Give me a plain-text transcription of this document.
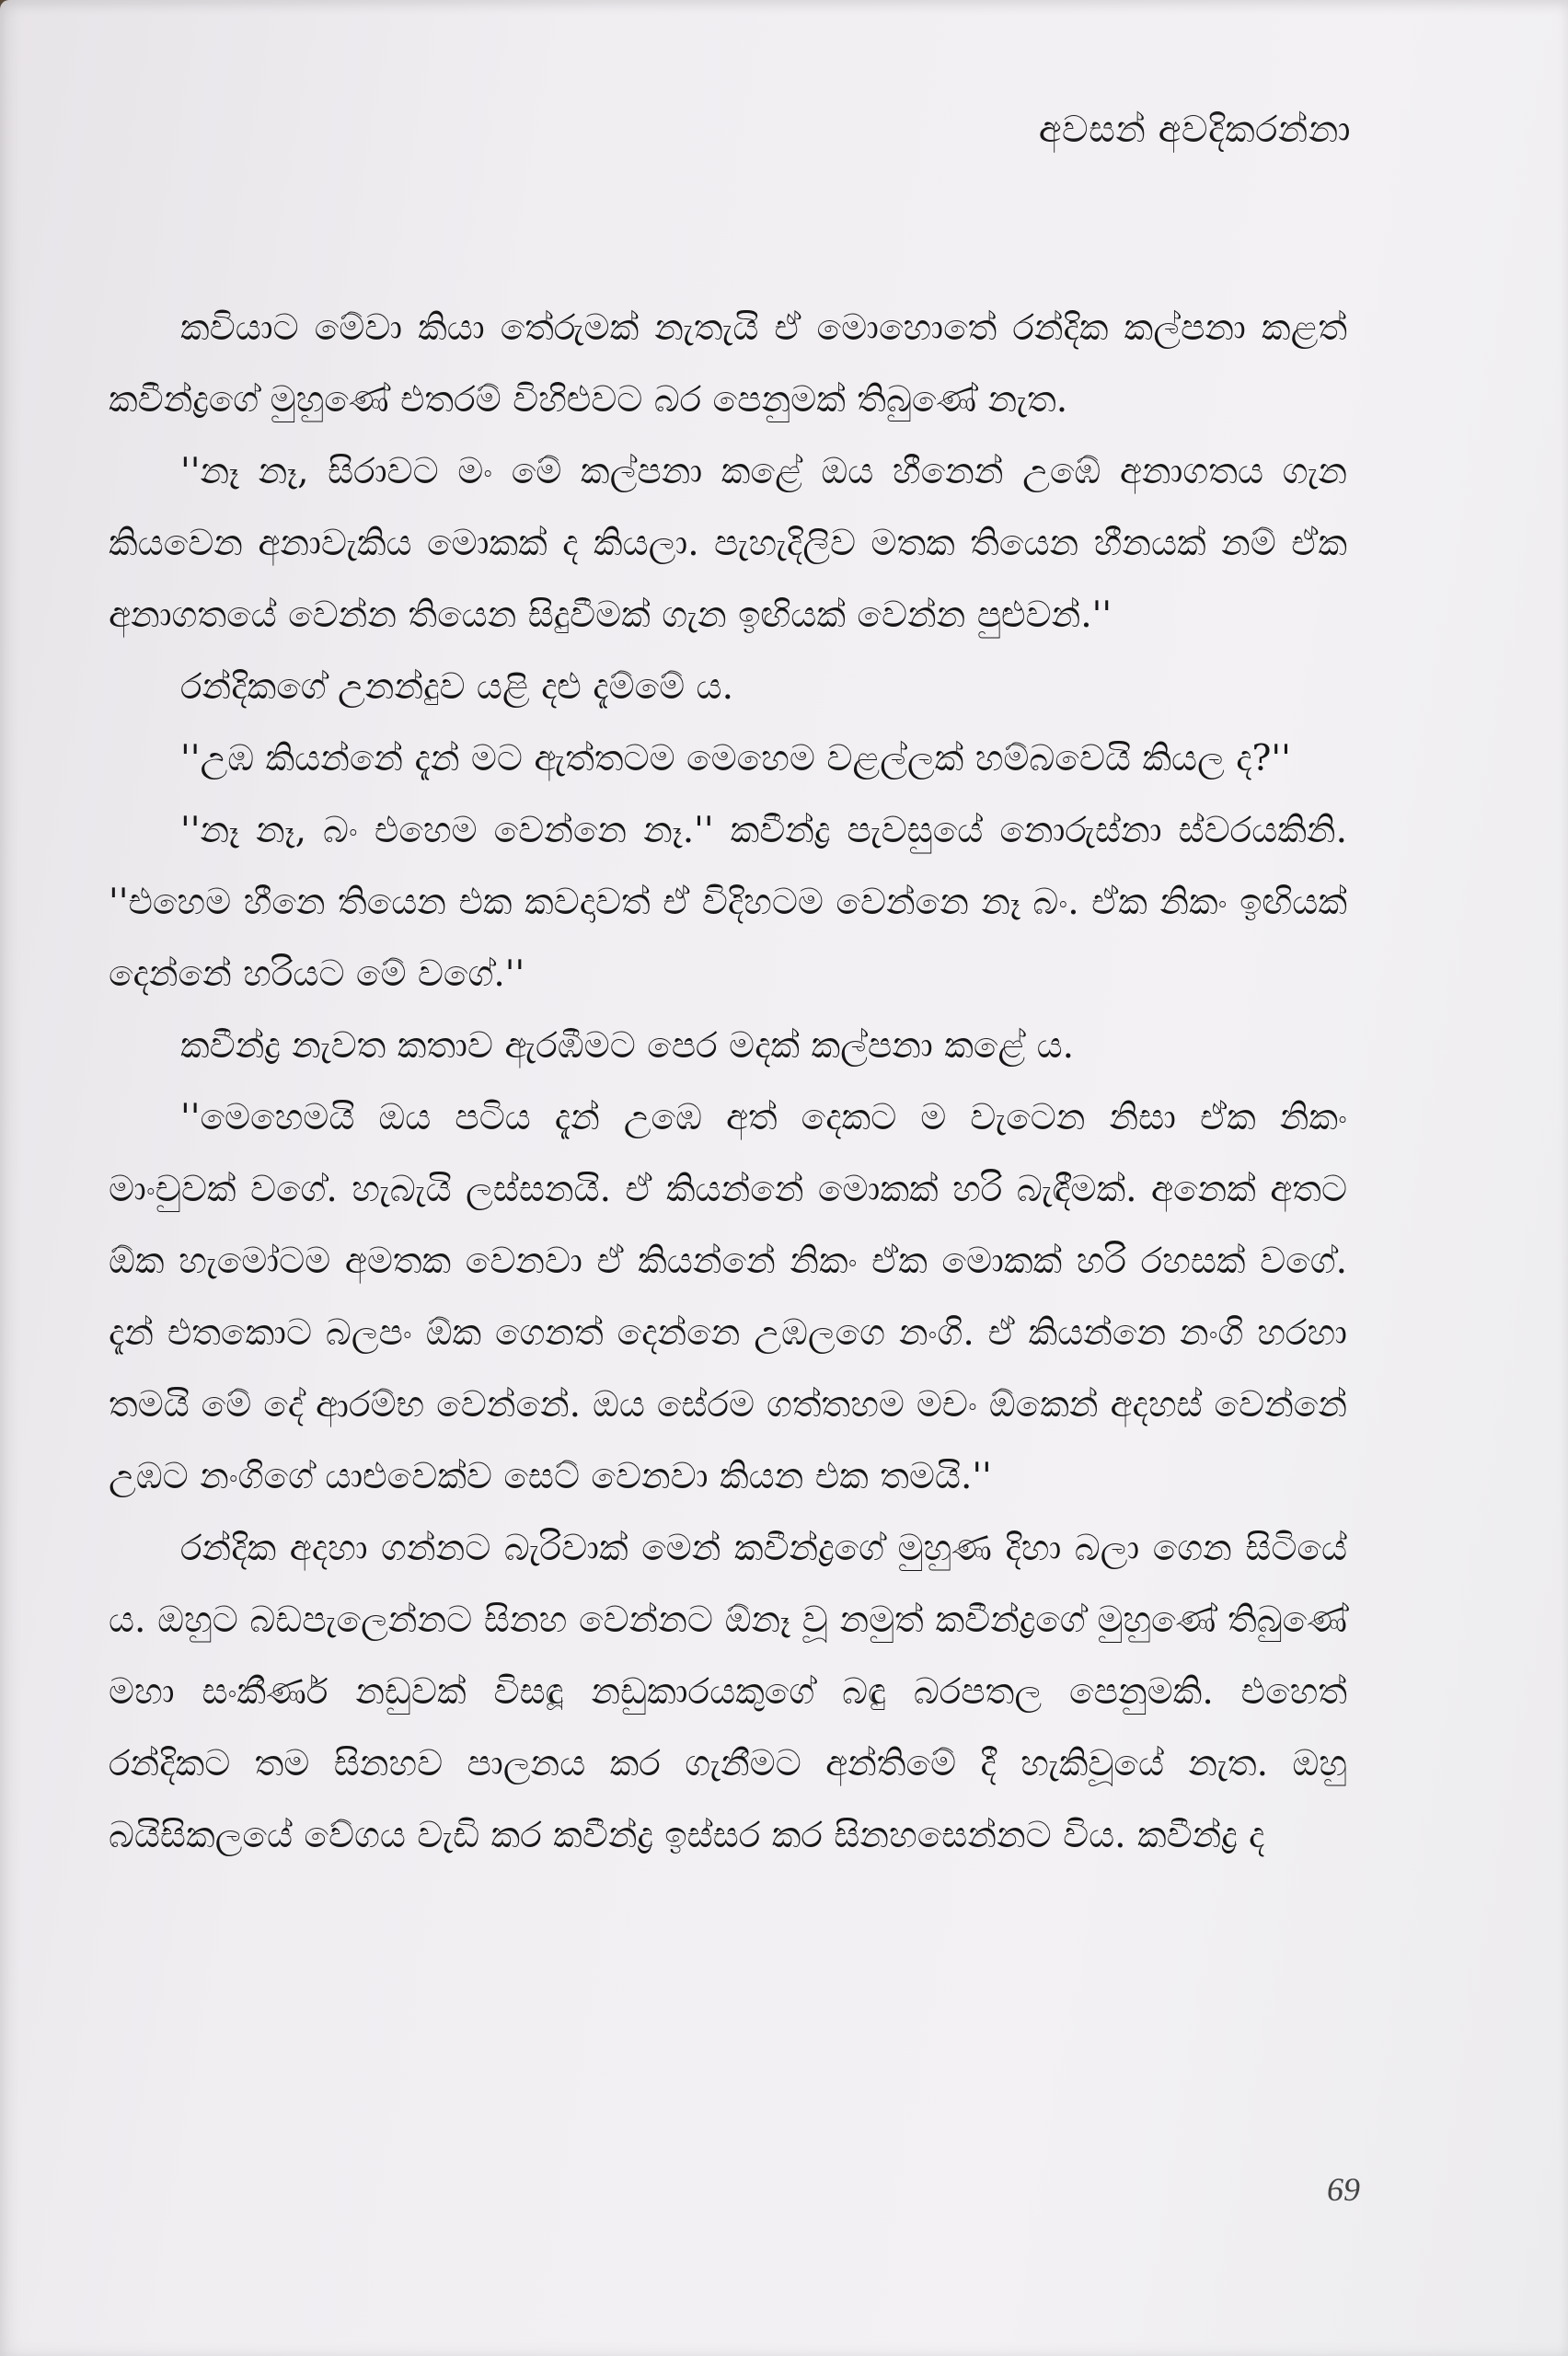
අවසන් අවදිකරන්නා

කවියාට මේවා කියා තේරුමක් නැතැයි ඒ මොහොතේ රන්දික කල්පනා කළත් කවීන්ද්‍රගේ මුහුණේ එතරම් විහිළුවට බර පෙනුමක් තිබුණේ නැත.

''නෑ නෑ, සිරාවට මං මේ කල්පනා කළේ ඔය හීනෙන් උඹේ අනාගතය ගැන කියවෙන අනාවැකිය මොකක් ද කියලා. පැහැදිලිව මතක තියෙන හීනයක් නම් ඒක අනාගතයේ වෙන්න තියෙන සිදුවීමක් ගැන ඉඟියක් වෙන්න පුළුවන්.''

රන්දිකගේ උනන්දුව යළි දළු දැම්මේ ය.

''උඹ කියන්නේ දැන් මට ඇත්තටම මෙහෙම වළල්ලක් හම්බවෙයි කියල ද?''

''නෑ නෑ, බං එහෙම වෙන්නෙ නෑ.'' කවීන්ද්‍ර පැවසුයේ නොරුස්නා ස්වරයකිනි. ''එහෙම හීනෙ තියෙන එක කවදාවත් ඒ විදිහටම වෙන්නෙ නෑ බං. ඒක නිකං ඉඟියක් දෙන්නේ හරියට මේ වගේ.''

කවීන්ද්‍ර නැවත කතාව ඇරඹීමට පෙර මදක් කල්පනා කළේ ය.

''මෙහෙමයි ඔය පටිය දැන් උඹෙ අත් දෙකට ම වැටෙන නිසා ඒක නිකං මාංචුවක් වගේ. හැබැයි ලස්සනයි. ඒ කියන්නේ මොකක් හරි බැඳීමක්. අනෙක් අතට ඕක හැමෝටම අමතක වෙනවා ඒ කියන්නේ නිකං ඒක මොකක් හරි රහසක් වගේ. දැන් එතකොට බලපං ඕක ගෙනත් දෙන්නෙ උඹලගෙ නංගි. ඒ කියන්නෙ නංගි හරහා තමයි මේ දේ ආරම්භ වෙන්නේ. ඔය සේරම ගත්තහම මචං ඕකෙන් අදහස් වෙන්නේ උඹට නංගිගේ යාළුවෙක්ව සෙට් වෙනවා කියන එක තමයි.''

රන්දික අදහා ගන්නට බැරිවාක් මෙන් කවීන්ද්‍රගේ මුහුණ දිහා බලා ගෙන සිටියේ ය. ඔහුට බඩපැලෙන්නට සිනහ වෙන්නට ඕනෑ වූ නමුත් කවීන්ද්‍රගේ මුහුණේ තිබුණේ මහා සංකීර්ණ නඩුවක් විසඳූ නඩුකාරයකුගේ බඳු බරපතල පෙනුමකි. එහෙත් රන්දිකට තම සිනහව පාලනය කර ගැනීමට අන්තිමේ දී හැකිවූයේ නැත. ඔහු බයිසිකලයේ වේගය වැඩි කර කවීන්ද්‍ර ඉස්සර කර සිනහසෙන්නට විය. කවීන්ද්‍ර ද

69
